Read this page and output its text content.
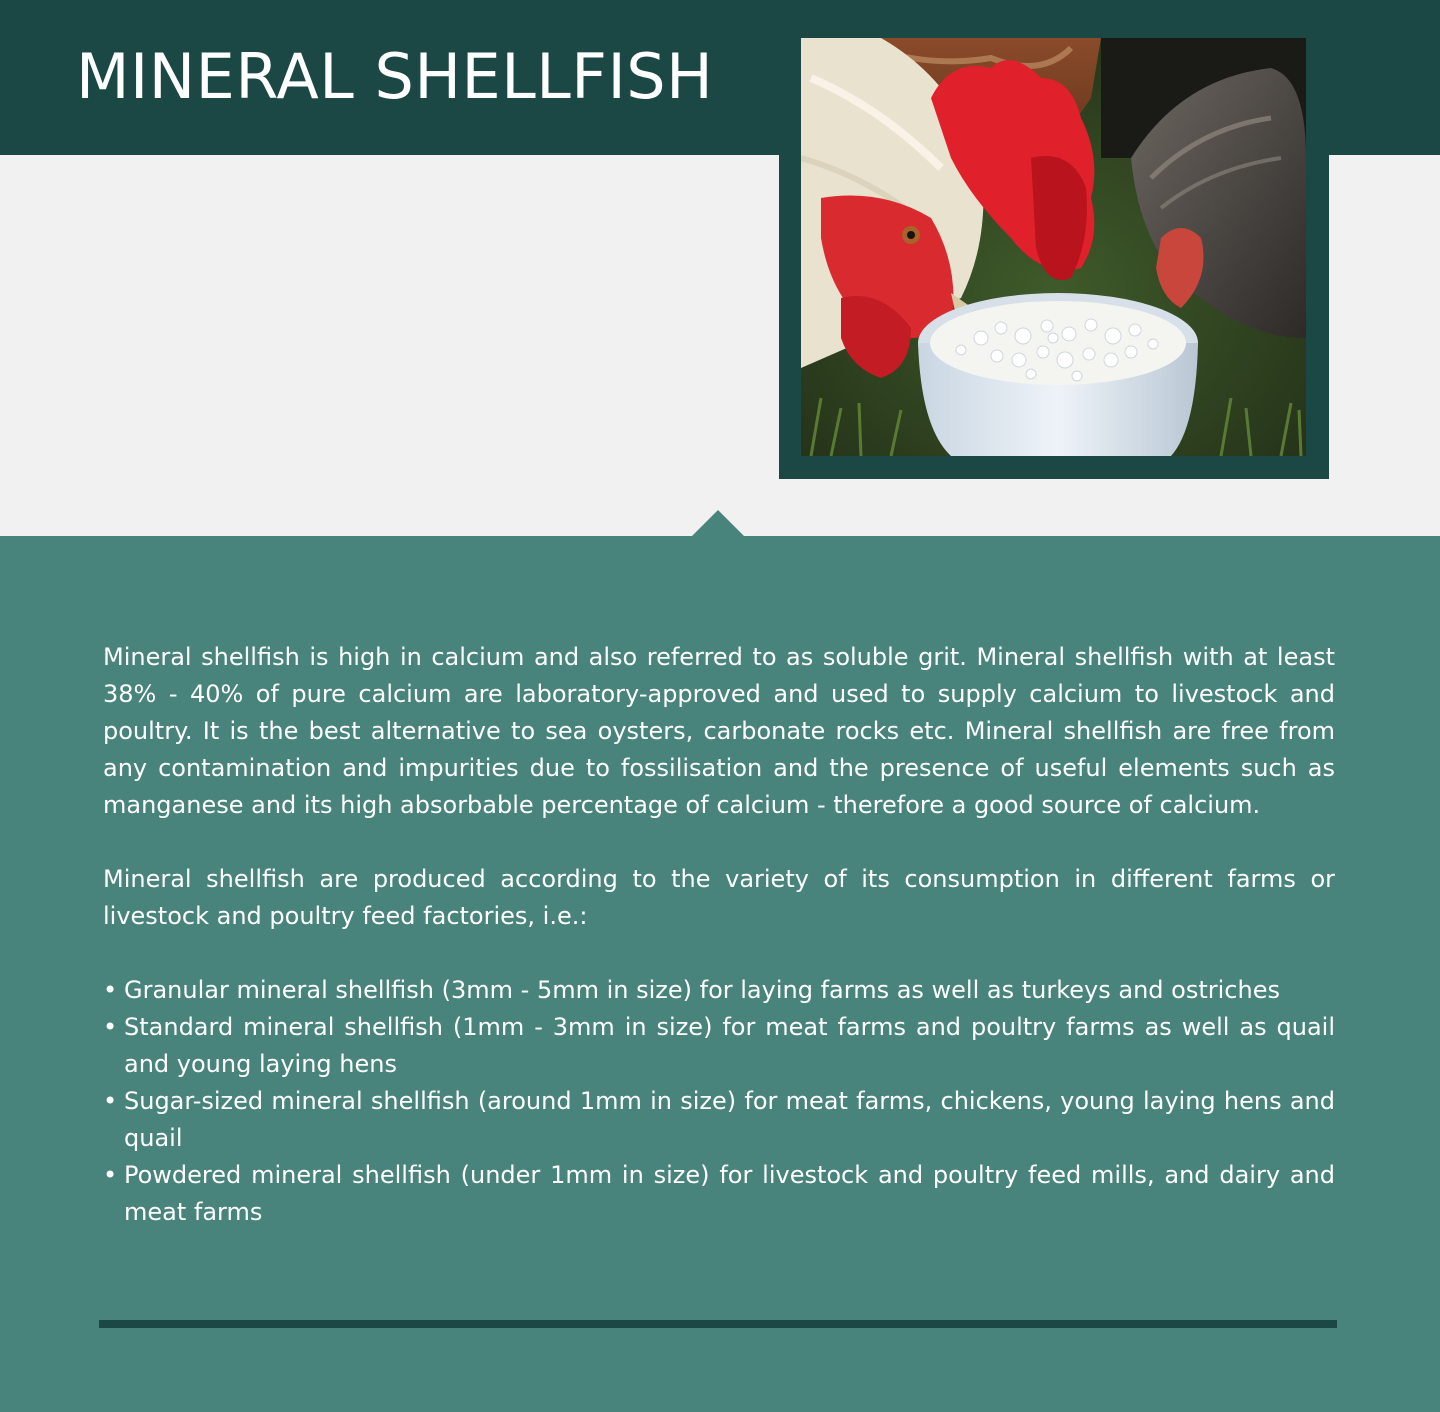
MINERAL SHELLFISH

Mineral shellfish is high in calcium and also referred to as soluble grit. Mineral shellfish with at least 38% - 40% of pure calcium are laboratory-approved and used to supply calcium to livestock and poultry. It is the best alternative to sea oysters, carbonate rocks etc. Mineral shellfish are free from any contamination and impurities due to fossilisation and the presence of useful elements such as manganese and its high absorbable percentage of calcium - therefore a good source of calcium.

Mineral shellfish are produced according to the variety of its consumption in different farms or livestock and poultry feed factories, i.e.:

• Granular mineral shellfish (3mm - 5mm in size) for laying farms as well as turkeys and ostriches
• Standard mineral shellfish (1mm - 3mm in size) for meat farms and poultry farms as well as quail and young laying hens
• Sugar-sized mineral shellfish (around 1mm in size) for meat farms, chickens, young laying hens and quail
• Powdered mineral shellfish (under 1mm in size) for livestock and poultry feed mills, and dairy and meat farms
